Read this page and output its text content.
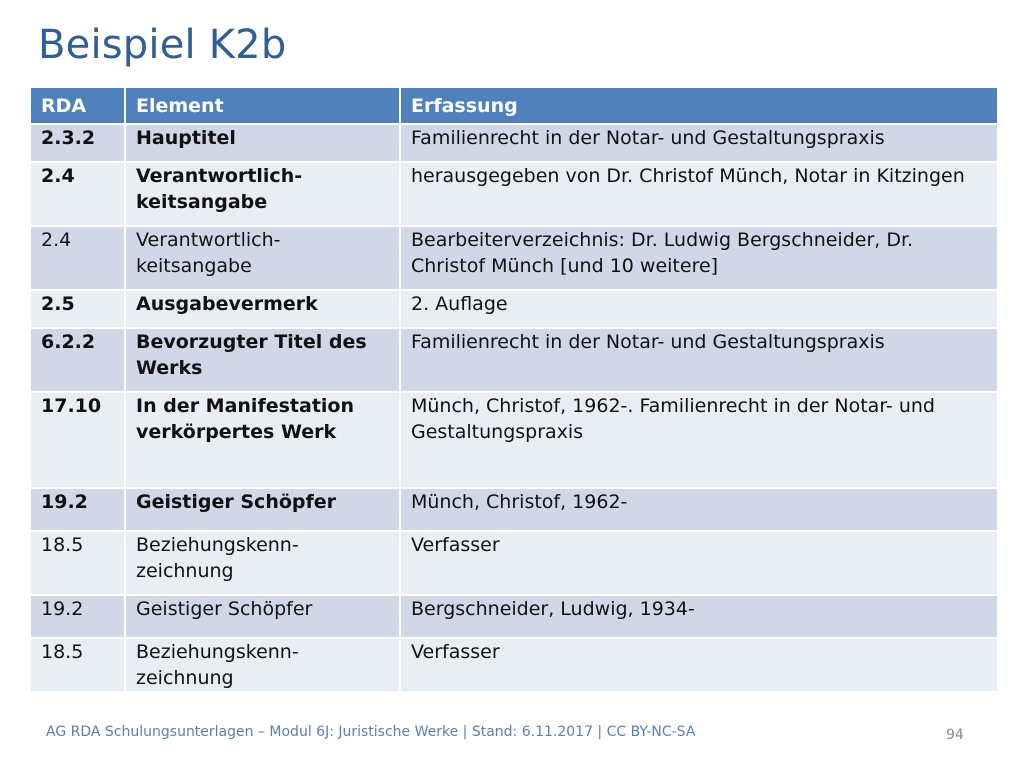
Beispiel K2b
RDA	Element	Erfassung
2.3.2	Hauptitel	Familienrecht in der Notar- und Gestaltungspraxis
2.4	Verantwortlich-keitsangabe	herausgegeben von Dr. Christof Münch, Notar in Kitzingen
2.4	Verantwortlich-keitsangabe	Bearbeiterverzeichnis: Dr. Ludwig Bergschneider, Dr. Christof Münch [und 10 weitere]
2.5	Ausgabevermerk	2. Auflage
6.2.2	Bevorzugter Titel des Werks	Familienrecht in der Notar- und Gestaltungspraxis
17.10	In der Manifestation verkörpertes Werk	Münch, Christof, 1962-. Familienrecht in der Notar- und Gestaltungspraxis
19.2	Geistiger Schöpfer	Münch, Christof, 1962-
18.5	Beziehungskenn-zeichnung	Verfasser
19.2	Geistiger Schöpfer	Bergschneider, Ludwig, 1934-
18.5	Beziehungskenn-zeichnung	Verfasser
AG RDA Schulungsunterlagen – Modul 6J: Juristische Werke | Stand: 6.11.2017 | CC BY-NC-SA	94
